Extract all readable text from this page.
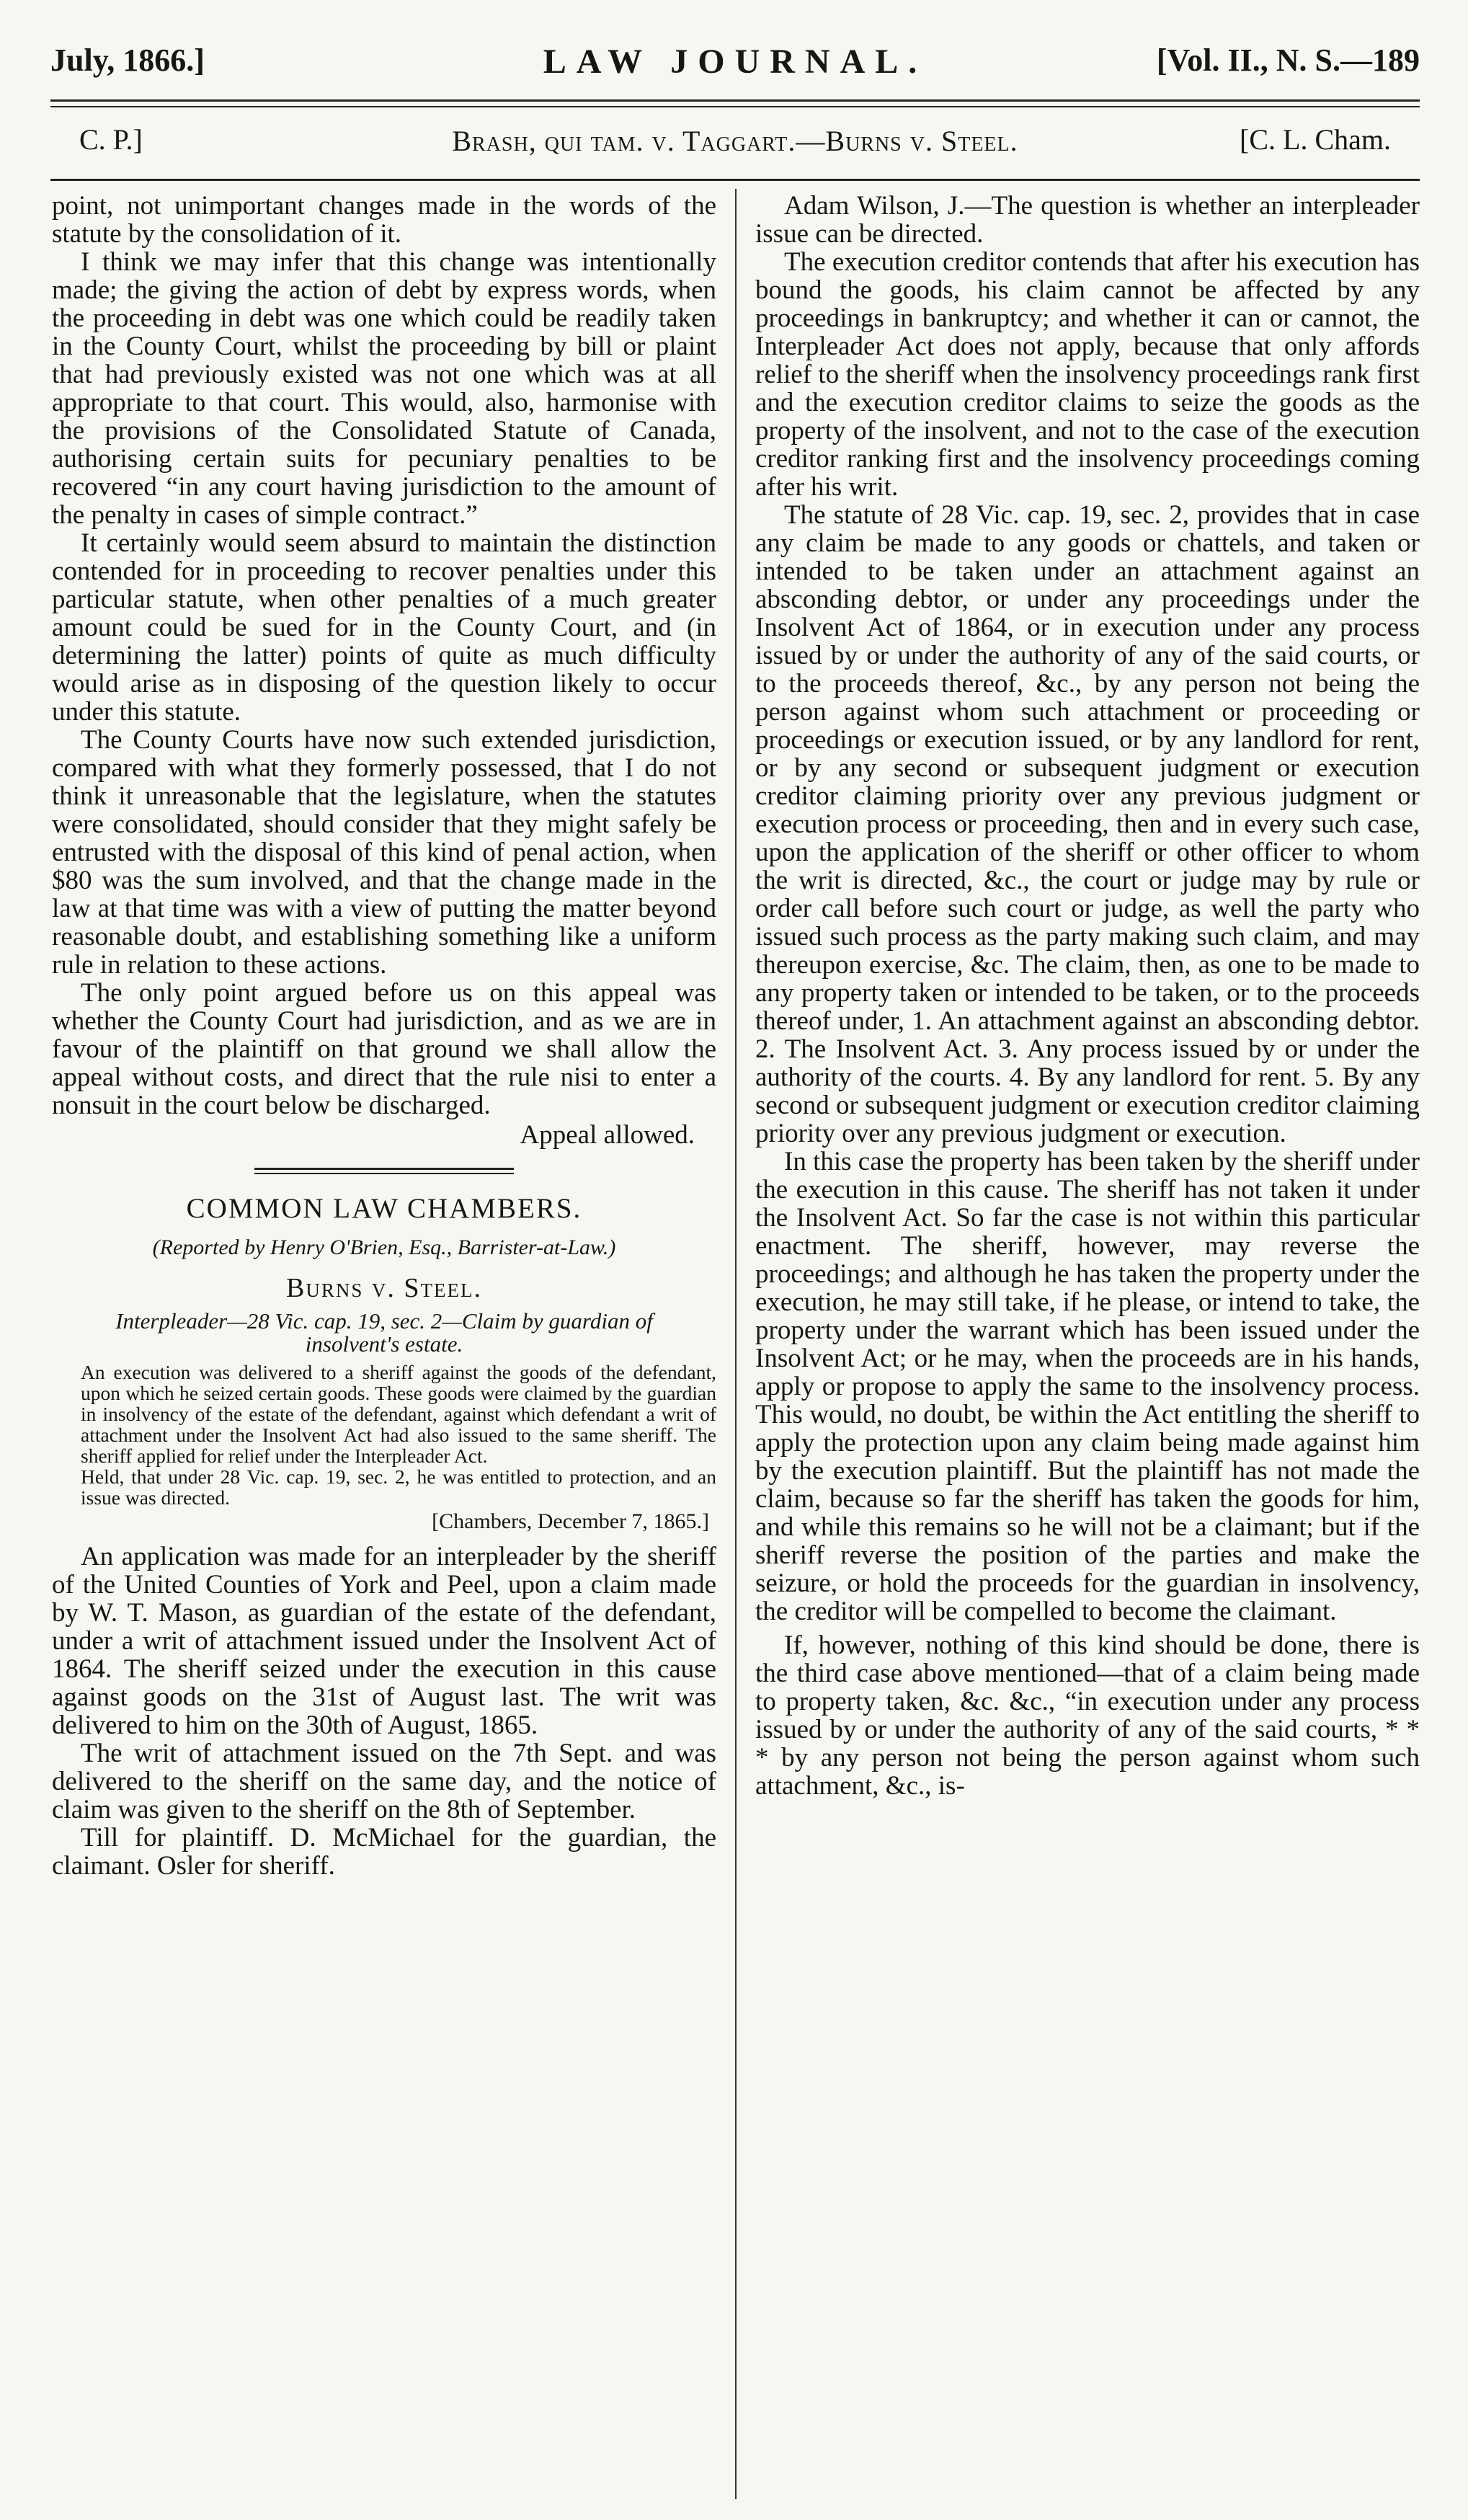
July, 1866.]	LAW JOURNAL.	[Vol. II., N. S.—189
C. P.]	Brash, qui tam. v. Taggart.—Burns v. Steel.	[C. L. Cham.

point, not unimportant changes made in the words of the statute by the consolidation of it.

I think we may infer that this change was intentionally made; the giving the action of debt by express words, when the proceeding in debt was one which could be readily taken in the County Court, whilst the proceeding by bill or plaint that had previously existed was not one which was at all appropriate to that court. This would, also, harmonise with the provisions of the Consolidated Statute of Canada, authorising certain suits for pecuniary penalties to be recovered “in any court having jurisdiction to the amount of the penalty in cases of simple contract.”

It certainly would seem absurd to maintain the distinction contended for in proceeding to recover penalties under this particular statute, when other penalties of a much greater amount could be sued for in the County Court, and (in determining the latter) points of quite as much difficulty would arise as in disposing of the question likely to occur under this statute.

The County Courts have now such extended jurisdiction, compared with what they formerly possessed, that I do not think it unreasonable that the legislature, when the statutes were consolidated, should consider that they might safely be entrusted with the disposal of this kind of penal action, when $80 was the sum involved, and that the change made in the law at that time was with a view of putting the matter beyond reasonable doubt, and establishing something like a uniform rule in relation to these actions.

The only point argued before us on this appeal was whether the County Court had jurisdiction, and as we are in favour of the plaintiff on that ground we shall allow the appeal without costs, and direct that the rule nisi to enter a nonsuit in the court below be discharged.

Appeal allowed.

COMMON LAW CHAMBERS.

(Reported by Henry O'Brien, Esq., Barrister-at-Law.)

Burns v. Steel.

Interpleader—28 Vic. cap. 19, sec. 2—Claim by guardian of insolvent's estate.

An execution was delivered to a sheriff against the goods of the defendant, upon which he seized certain goods. These goods were claimed by the guardian in insolvency of the estate of the defendant, against which defendant a writ of attachment under the Insolvent Act had also issued to the same sheriff. The sheriff applied for relief under the Interpleader Act.

Held, that under 28 Vic. cap. 19, sec. 2, he was entitled to protection, and an issue was directed.

[Chambers, December 7, 1865.]

An application was made for an interpleader by the sheriff of the United Counties of York and Peel, upon a claim made by W. T. Mason, as guardian of the estate of the defendant, under a writ of attachment issued under the Insolvent Act of 1864. The sheriff seized under the execution in this cause against goods on the 31st of August last. The writ was delivered to him on the 30th of August, 1865.

The writ of attachment issued on the 7th Sept. and was delivered to the sheriff on the same day, and the notice of claim was given to the sheriff on the 8th of September.

Till for plaintiff. D. McMichael for the guardian, the claimant. Osler for sheriff.

Adam Wilson, J.—The question is whether an interpleader issue can be directed.

The execution creditor contends that after his execution has bound the goods, his claim cannot be affected by any proceedings in bankruptcy; and whether it can or cannot, the Interpleader Act does not apply, because that only affords relief to the sheriff when the insolvency proceedings rank first and the execution creditor claims to seize the goods as the property of the insolvent, and not to the case of the execution creditor ranking first and the insolvency proceedings coming after his writ.

The statute of 28 Vic. cap. 19, sec. 2, provides that in case any claim be made to any goods or chattels, and taken or intended to be taken under an attachment against an absconding debtor, or under any proceedings under the Insolvent Act of 1864, or in execution under any process issued by or under the authority of any of the said courts, or to the proceeds thereof, &c., by any person not being the person against whom such attachment or proceeding or proceedings or execution issued, or by any landlord for rent, or by any second or subsequent judgment or execution creditor claiming priority over any previous judgment or execution process or proceeding, then and in every such case, upon the application of the sheriff or other officer to whom the writ is directed, &c., the court or judge may by rule or order call before such court or judge, as well the party who issued such process as the party making such claim, and may thereupon exercise, &c. The claim, then, as one to be made to any property taken or intended to be taken, or to the proceeds thereof under, 1. An attachment against an absconding debtor. 2. The Insolvent Act. 3. Any process issued by or under the authority of the courts. 4. By any landlord for rent. 5. By any second or subsequent judgment or execution creditor claiming priority over any previous judgment or execution.

In this case the property has been taken by the sheriff under the execution in this cause. The sheriff has not taken it under the Insolvent Act. So far the case is not within this particular enactment. The sheriff, however, may reverse the proceedings; and although he has taken the property under the execution, he may still take, if he please, or intend to take, the property under the warrant which has been issued under the Insolvent Act; or he may, when the proceeds are in his hands, apply or propose to apply the same to the insolvency process. This would, no doubt, be within the Act entitling the sheriff to apply the protection upon any claim being made against him by the execution plaintiff. But the plaintiff has not made the claim, because so far the sheriff has taken the goods for him, and while this remains so he will not be a claimant; but if the sheriff reverse the position of the parties and make the seizure, or hold the proceeds for the guardian in insolvency, the creditor will be compelled to become the claimant.

If, however, nothing of this kind should be done, there is the third case above mentioned—that of a claim being made to property taken, &c. &c., “in execution under any process issued by or under the authority of any of the said courts, * * * by any person not being the person against whom such attachment, &c., is-
